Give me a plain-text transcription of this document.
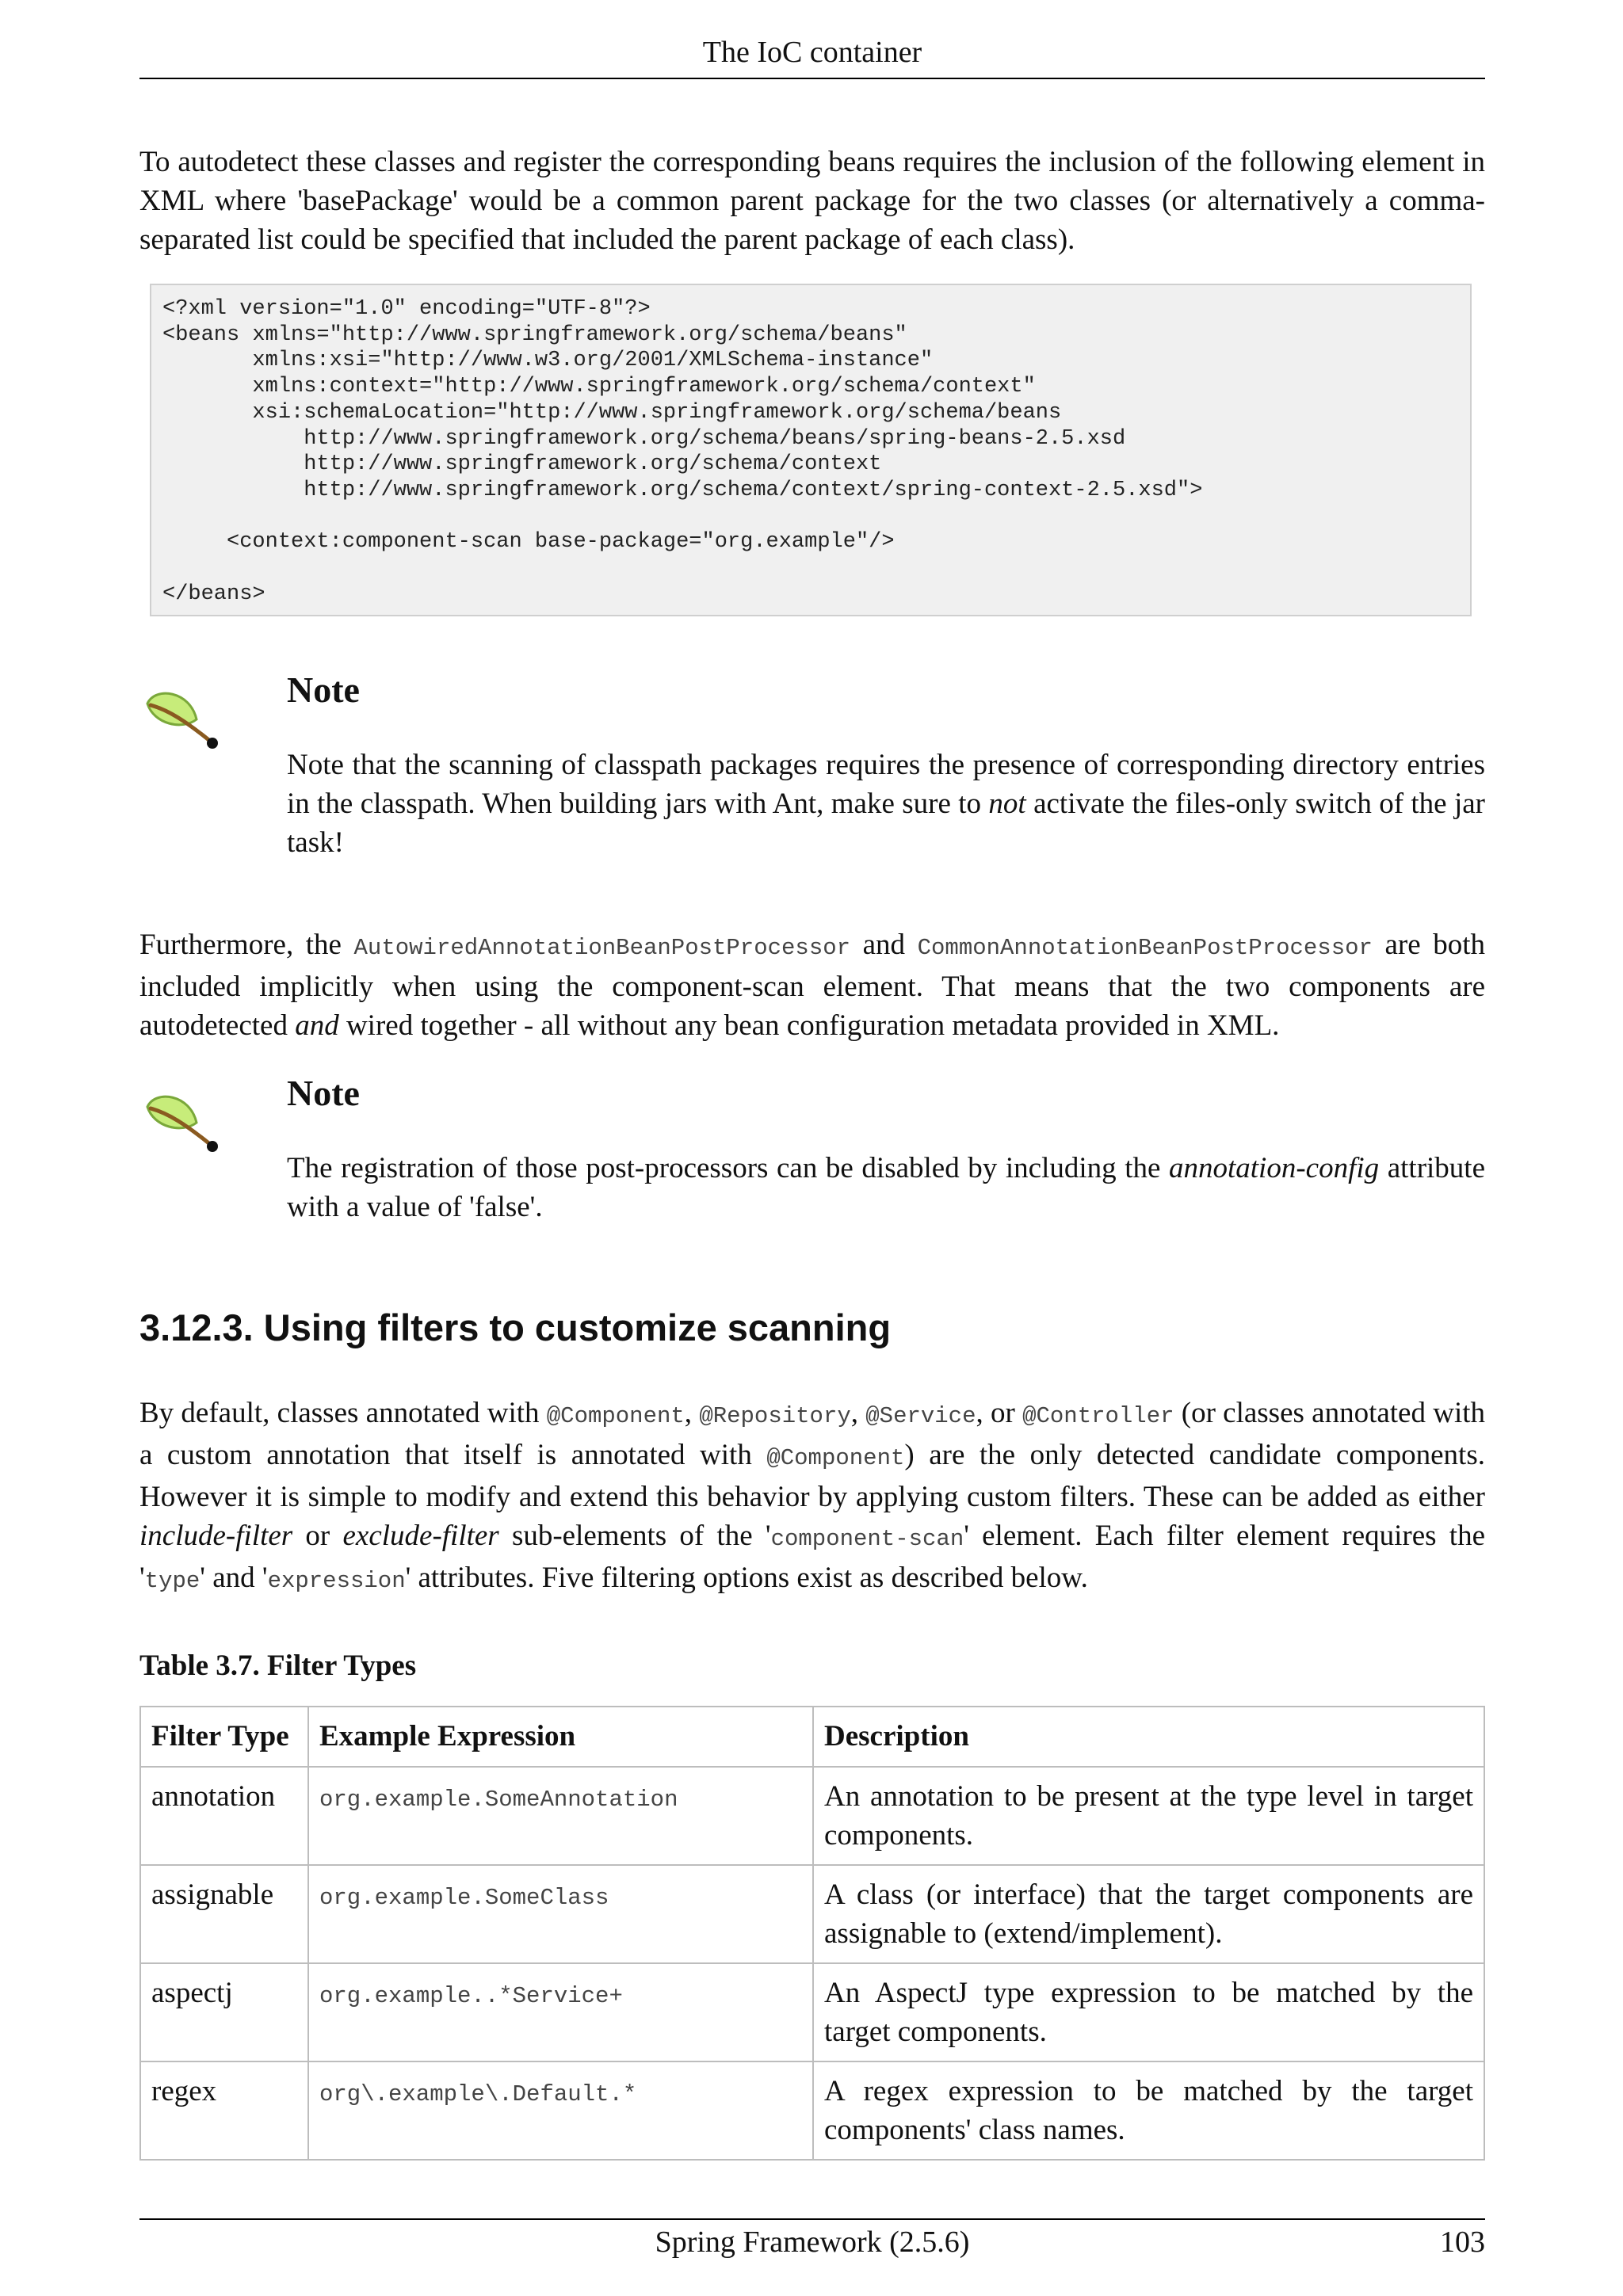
The IoC container

To autodetect these classes and register the corresponding beans requires the inclusion of the following element in XML where 'basePackage' would be a common parent package for the two classes (or alternatively a comma-separated list could be specified that included the parent package of each class).

<?xml version="1.0" encoding="UTF-8"?>
<beans xmlns="http://www.springframework.org/schema/beans"
xmlns:xsi="http://www.w3.org/2001/XMLSchema-instance"
xmlns:context="http://www.springframework.org/schema/context"
xsi:schemaLocation="http://www.springframework.org/schema/beans
http://www.springframework.org/schema/beans/spring-beans-2.5.xsd
http://www.springframework.org/schema/context
http://www.springframework.org/schema/context/spring-context-2.5.xsd">

<context:component-scan base-package="org.example"/>

</beans>
Note

Note that the scanning of classpath packages requires the presence of corresponding directory entries in the classpath. When building jars with Ant, make sure to not activate the files-only switch of the jar task!

Furthermore, the AutowiredAnnotationBeanPostProcessor and CommonAnnotationBeanPostProcessor are both included implicitly when using the component-scan element. That means that the two components are autodetected and wired together - all without any bean configuration metadata provided in XML.

Note

The registration of those post-processors can be disabled by including the annotation-config attribute with a value of 'false'.

3.12.3. Using filters to customize scanning

By default, classes annotated with @Component, @Repository, @Service, or @Controller (or classes annotated with a custom annotation that itself is annotated with @Component) are the only detected candidate components. However it is simple to modify and extend this behavior by applying custom filters. These can be added as either include-filter or exclude-filter sub-elements of the 'component-scan' element. Each filter element requires the 'type' and 'expression' attributes. Five filtering options exist as described below.

Table 3.7. Filter Types

Filter Type	Example Expression	Description
annotation	org.example.SomeAnnotation	An annotation to be present at the type level in target components.
assignable	org.example.SomeClass	A class (or interface) that the target components are assignable to (extend/implement).
aspectj	org.example..*Service+	An AspectJ type expression to be matched by the target components.
regex	org\.example\.Default.*	A regex expression to be matched by the target components' class names.
Spring Framework (2.5.6)	103
